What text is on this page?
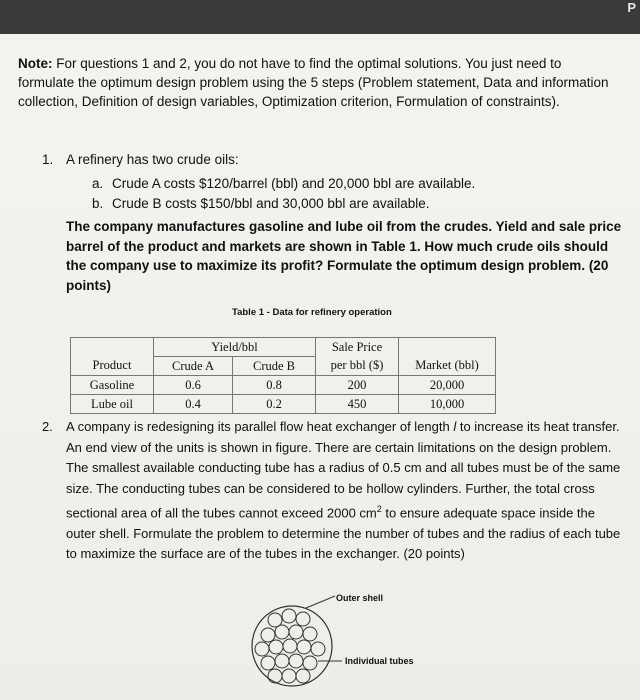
P
Note: For questions 1 and 2, you do not have to find the optimal solutions. You just need to formulate the optimum design problem using the 5 steps (Problem statement, Data and information collection, Definition of design variables, Optimization criterion, Formulation of constraints).
1. A refinery has two crude oils:
a. Crude A costs $120/barrel (bbl) and 20,000 bbl are available.
b. Crude B costs $150/bbl and 30,000 bbl are available.
The company manufactures gasoline and lube oil from the crudes. Yield and sale price barrel of the product and markets are shown in Table 1. How much crude oils should the company use to maximize its profit? Formulate the optimum design problem. (20 points)
Table 1 - Data for refinery operation
	Yield/bbl		Sale Price	
Product	Crude A	Crude B	per bbl ($)	Market (bbl)
Gasoline	0.6	0.8	200	20,000
Lube oil	0.4	0.2	450	10,000
2. A company is redesigning its parallel flow heat exchanger of length l to increase its heat transfer. An end view of the units is shown in figure. There are certain limitations on the design problem. The smallest available conducting tube has a radius of 0.5 cm and all tubes must be of the same size. The conducting tubes can be considered to be hollow cylinders. Further, the total cross sectional area of all the tubes cannot exceed 2000 $cm^2$ to ensure adequate space inside the outer shell. Formulate the problem to determine the number of tubes and the radius of each tube to maximize the surface are of the tubes in the exchanger. (20 points)
Outer shell
Individual tubes
